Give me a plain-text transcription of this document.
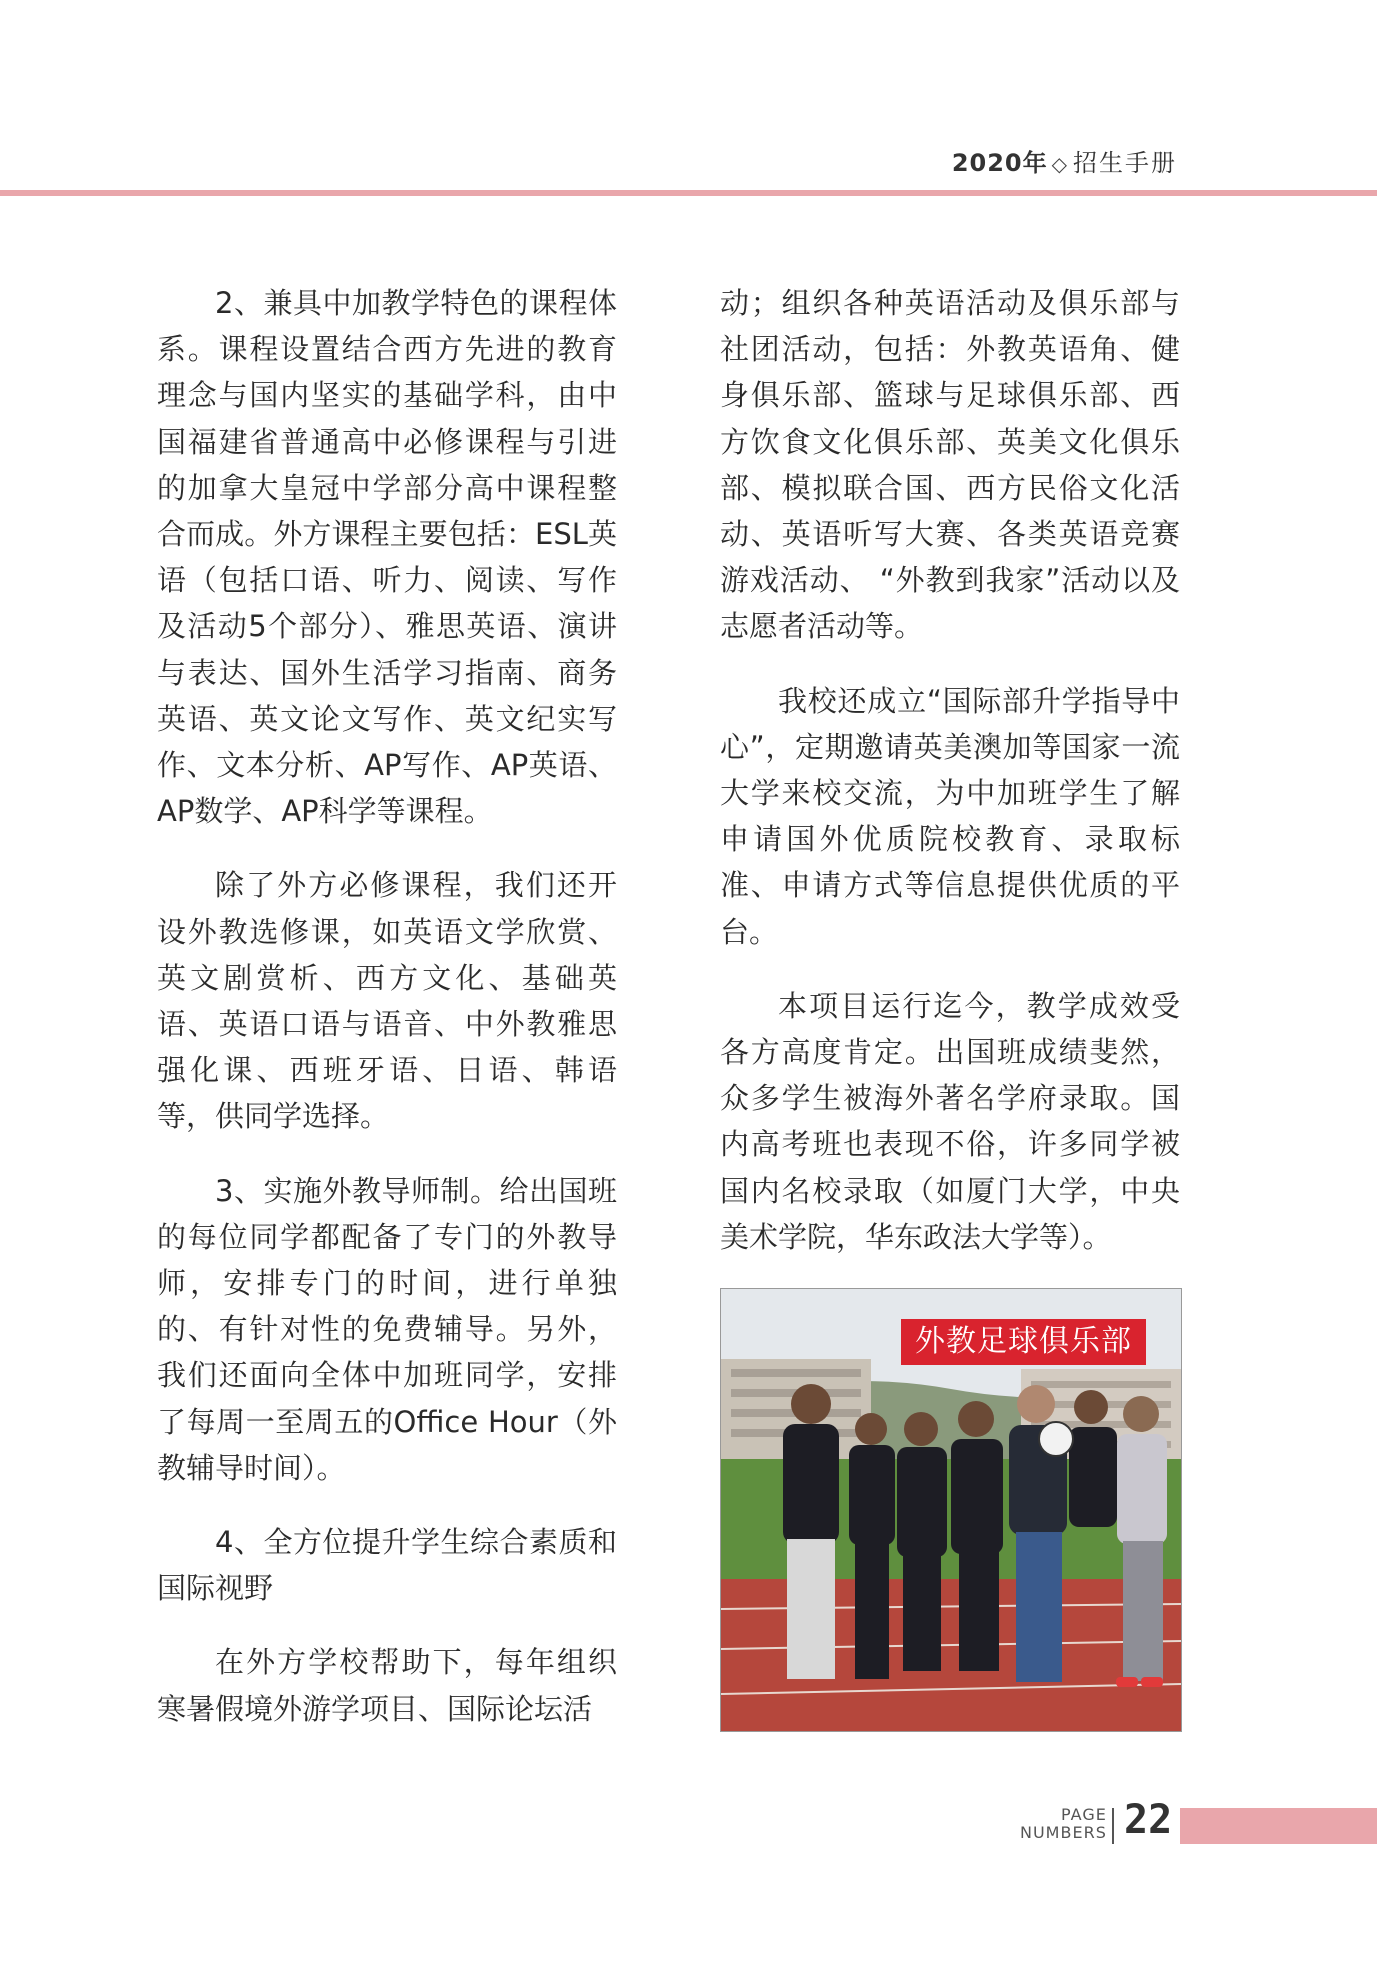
2020年 ◇ 招生手册

2、兼具中加教学特色的课程体系。课程设置结合西方先进的教育理念与国内坚实的基础学科，由中国福建省普通高中必修课程与引进的加拿大皇冠中学部分高中课程整合而成。外方课程主要包括：ESL英语（包括口语、听力、阅读、写作及活动5个部分）、雅思英语、演讲与表达、国外生活学习指南、商务英语、英文论文写作、英文纪实写作、文本分析、AP写作、AP英语、AP数学、AP科学等课程。

除了外方必修课程，我们还开设外教选修课，如英语文学欣赏、英文剧赏析、西方文化、基础英语、英语口语与语音、中外教雅思强化课、西班牙语、日语、韩语等，供同学选择。

3、实施外教导师制。给出国班的每位同学都配备了专门的外教导师，安排专门的时间，进行单独的、有针对性的免费辅导。另外，我们还面向全体中加班同学，安排了每周一至周五的Office Hour（外教辅导时间）。

4、全方位提升学生综合素质和国际视野

在外方学校帮助下，每年组织寒暑假境外游学项目、国际论坛活

动；组织各种英语活动及俱乐部与社团活动，包括：外教英语角、健身俱乐部、篮球与足球俱乐部、西方饮食文化俱乐部、英美文化俱乐部、模拟联合国、西方民俗文化活动、英语听写大赛、各类英语竞赛游戏活动、 “外教到我家”活动以及志愿者活动等。

我校还成立“国际部升学指导中心”，定期邀请英美澳加等国家一流大学来校交流，为中加班学生了解申请国外优质院校教育、录取标准、申请方式等信息提供优质的平台。

本项目运行迄今，教学成效受各方高度肯定。出国班成绩斐然，众多学生被海外著名学府录取。国内高考班也表现不俗，许多同学被国内名校录取（如厦门大学，中央美术学院，华东政法大学等）。

外教足球俱乐部
PAGE
NUMBERS 22
